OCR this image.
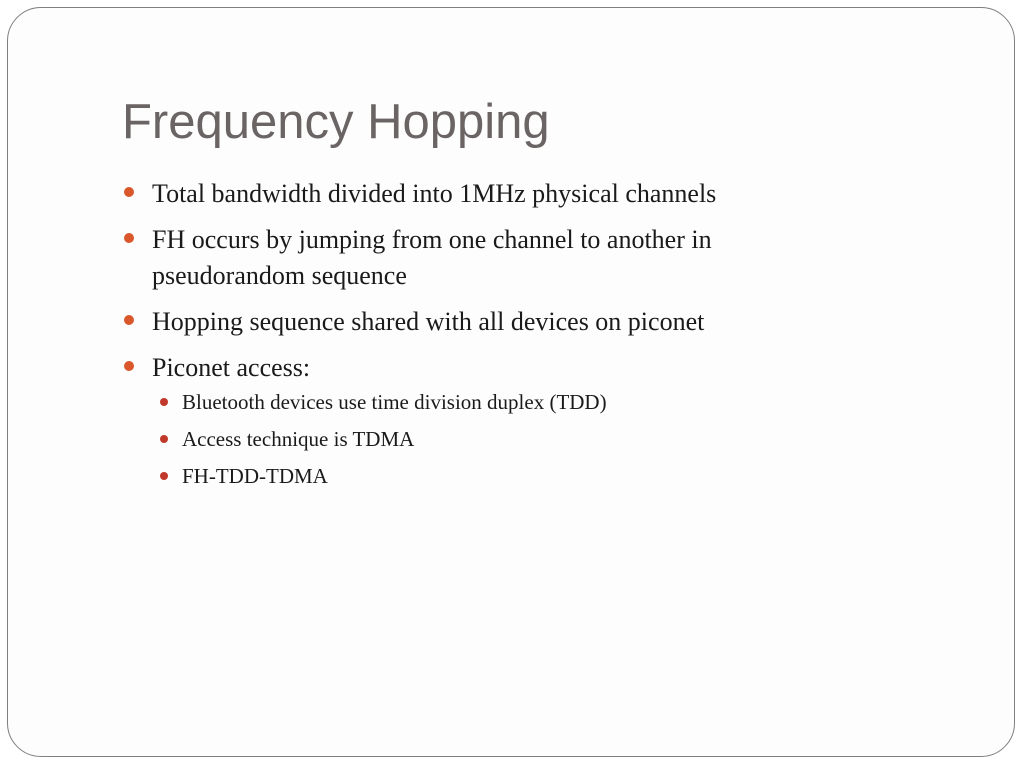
Frequency Hopping
Total bandwidth divided into 1MHz physical channels
FH occurs by jumping from one channel to another in pseudorandom sequence
Hopping sequence shared with all devices on piconet
Piconet access:
Bluetooth devices use time division duplex (TDD)
Access technique is TDMA
FH-TDD-TDMA
